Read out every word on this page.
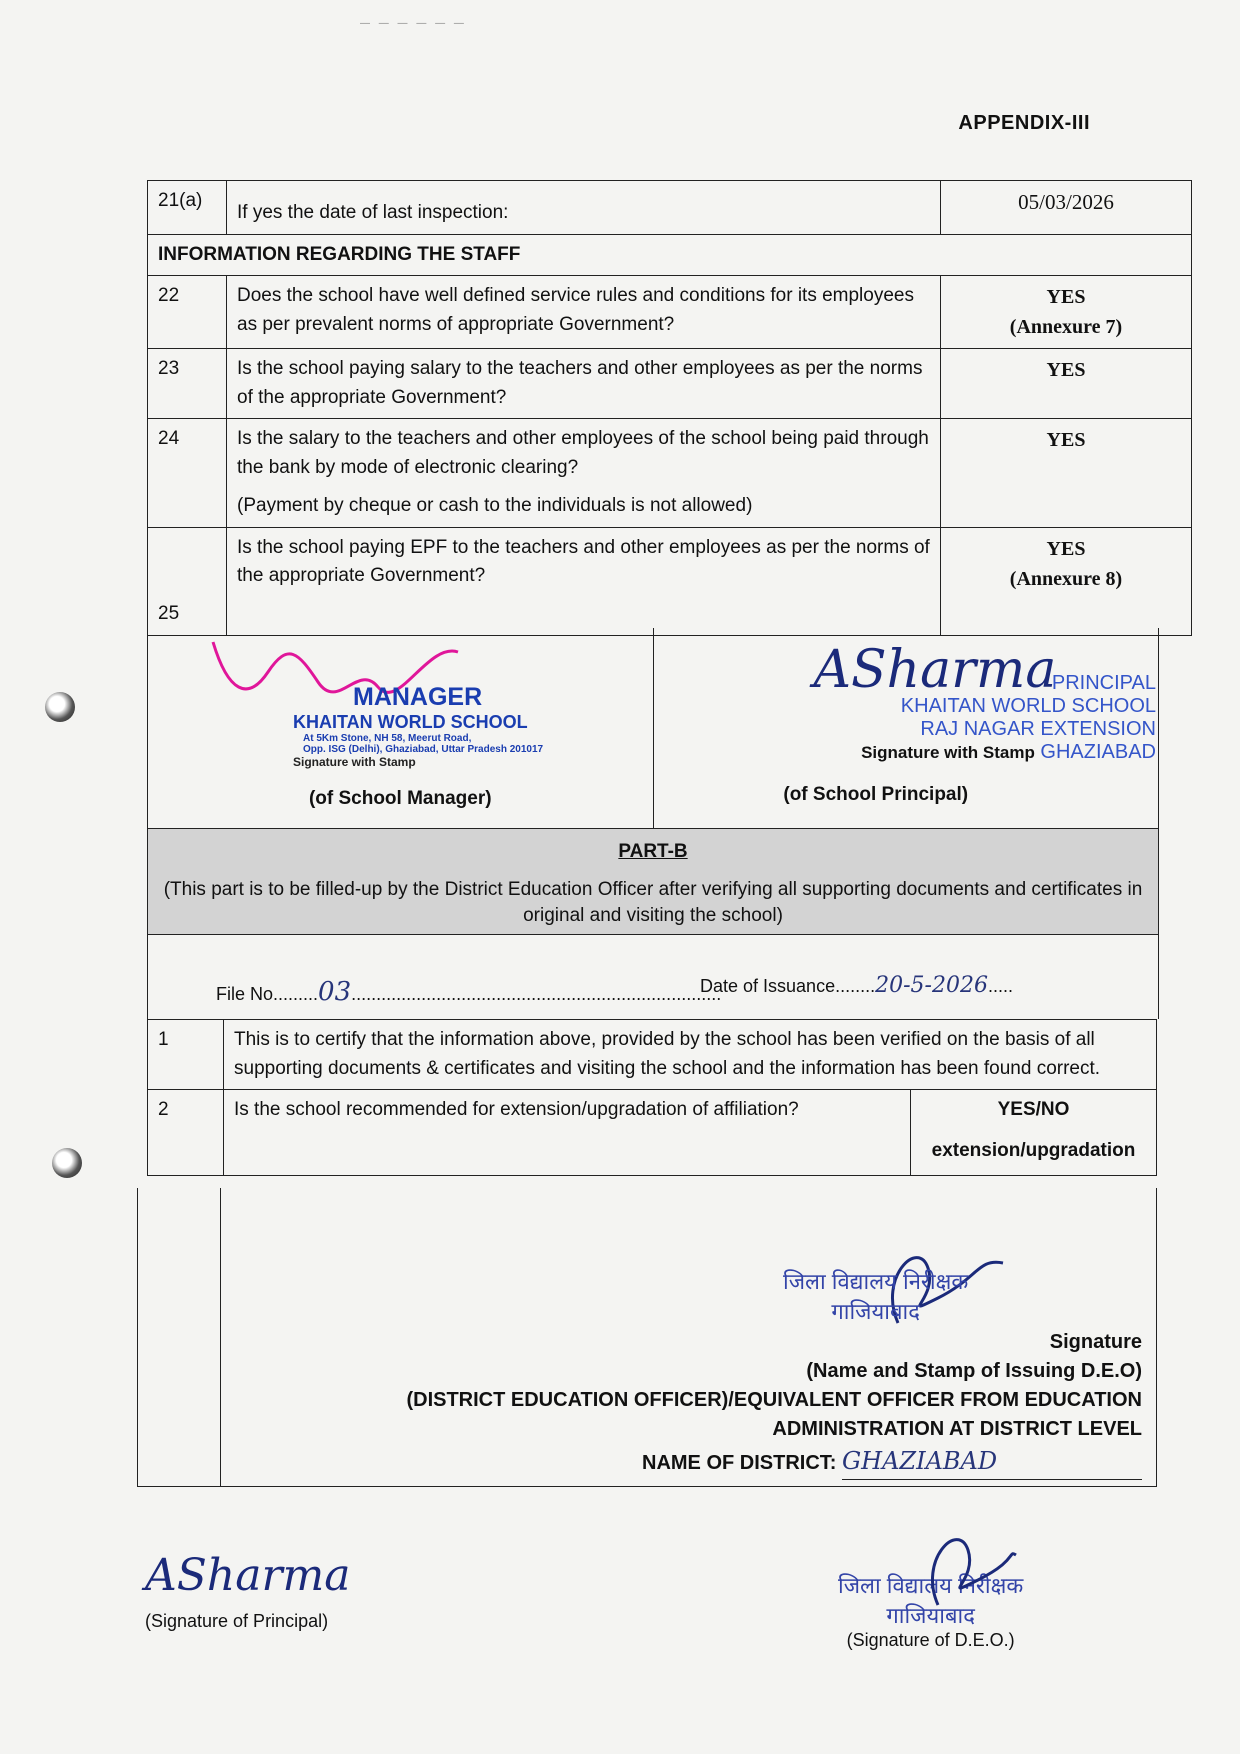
— — — — — —
APPENDIX-III
21(a)	If yes the date of last inspection:	05/03/2026
INFORMATION REGARDING THE STAFF		
22	Does the school have well defined service rules and conditions for its employees as per prevalent norms of appropriate Government?	YES
(Annexure 7)

23	Is the school paying salary to the teachers and other employees as per the norms of the appropriate Government?	YES
24	Is the salary to the teachers and other employees of the school being paid through the bank by mode of electronic clearing?
(Payment by cheque or cash to the individuals is not allowed)	YES
25	Is the school paying EPF to the teachers and other employees as per the norms of the appropriate Government?	YES
(Annexure 8)
MANAGER
KHAITAN WORLD SCHOOL
At 5Km Stone, NH 58, Meerut Road,
Opp. ISG (Delhi), Ghaziabad, Uttar Pradesh 201017
Signature with Stamp
(of School Manager)
ASharma
PRINCIPAL
KHAITAN WORLD SCHOOL
RAJ NAGAR EXTENSION
Signature with Stamp GHAZIABAD
(of School Principal)
PART-B
(This part is to be filled-up by the District Education Officer after verifying all supporting documents and certificates in original and visiting the school)
File No.........03..........................................................................
Date of Issuance........20-5-2026.....
1	This is to certify that the information above, provided by the school has been verified on the basis of all supporting documents & certificates and visiting the school and the information has been found correct.	
2	Is the school recommended for extension/upgradation of affiliation?	YES/NO
extension/upgradation
जिला विद्यालय निरीक्षक
गाजियाबाद
Signature
(Name and Stamp of Issuing D.E.O)
(DISTRICT EDUCATION OFFICER)/EQUIVALENT OFFICER FROM EDUCATION
ADMINISTRATION AT DISTRICT LEVEL
NAME OF DISTRICT: GHAZIABAD
ASharma
(Signature of Principal)
जिला विद्यालय निरीक्षक
गाजियाबाद
(Signature of D.E.O.)
